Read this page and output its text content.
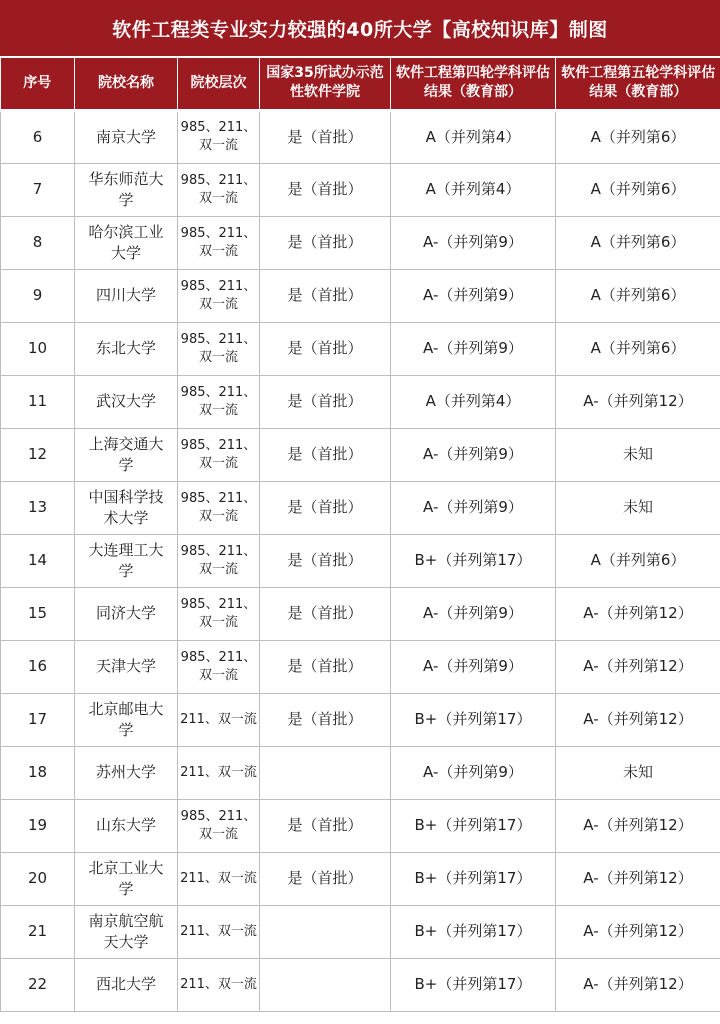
软件工程类专业实力较强的40所大学【高校知识库】制图
序号	院校名称	院校层次	国家35所试办示范性软件学院	软件工程第四轮学科评估结果（教育部）	软件工程第五轮学科评估结果（教育部）
6	南京大学	985、211、双一流	是（首批）	A（并列第4）	A（并列第6）
7	华东师范大学	985、211、双一流	是（首批）	A（并列第4）	A（并列第6）
8	哈尔滨工业大学	985、211、双一流	是（首批）	A-（并列第9）	A（并列第6）
9	四川大学	985、211、双一流	是（首批）	A-（并列第9）	A（并列第6）
10	东北大学	985、211、双一流	是（首批）	A-（并列第9）	A（并列第6）
11	武汉大学	985、211、双一流	是（首批）	A（并列第4）	A-（并列第12）
12	上海交通大学	985、211、双一流	是（首批）	A-（并列第9）	未知
13	中国科学技术大学	985、211、双一流	是（首批）	A-（并列第9）	未知
14	大连理工大学	985、211、双一流	是（首批）	B+（并列第17）	A（并列第6）
15	同济大学	985、211、双一流	是（首批）	A-（并列第9）	A-（并列第12）
16	天津大学	985、211、双一流	是（首批）	A-（并列第9）	A-（并列第12）
17	北京邮电大学	211、双一流	是（首批）	B+（并列第17）	A-（并列第12）
18	苏州大学	211、双一流		A-（并列第9）	未知
19	山东大学	985、211、双一流	是（首批）	B+（并列第17）	A-（并列第12）
20	北京工业大学	211、双一流	是（首批）	B+（并列第17）	A-（并列第12）
21	南京航空航天大学	211、双一流		B+（并列第17）	A-（并列第12）
22	西北大学	211、双一流		B+（并列第17）	A-（并列第12）
